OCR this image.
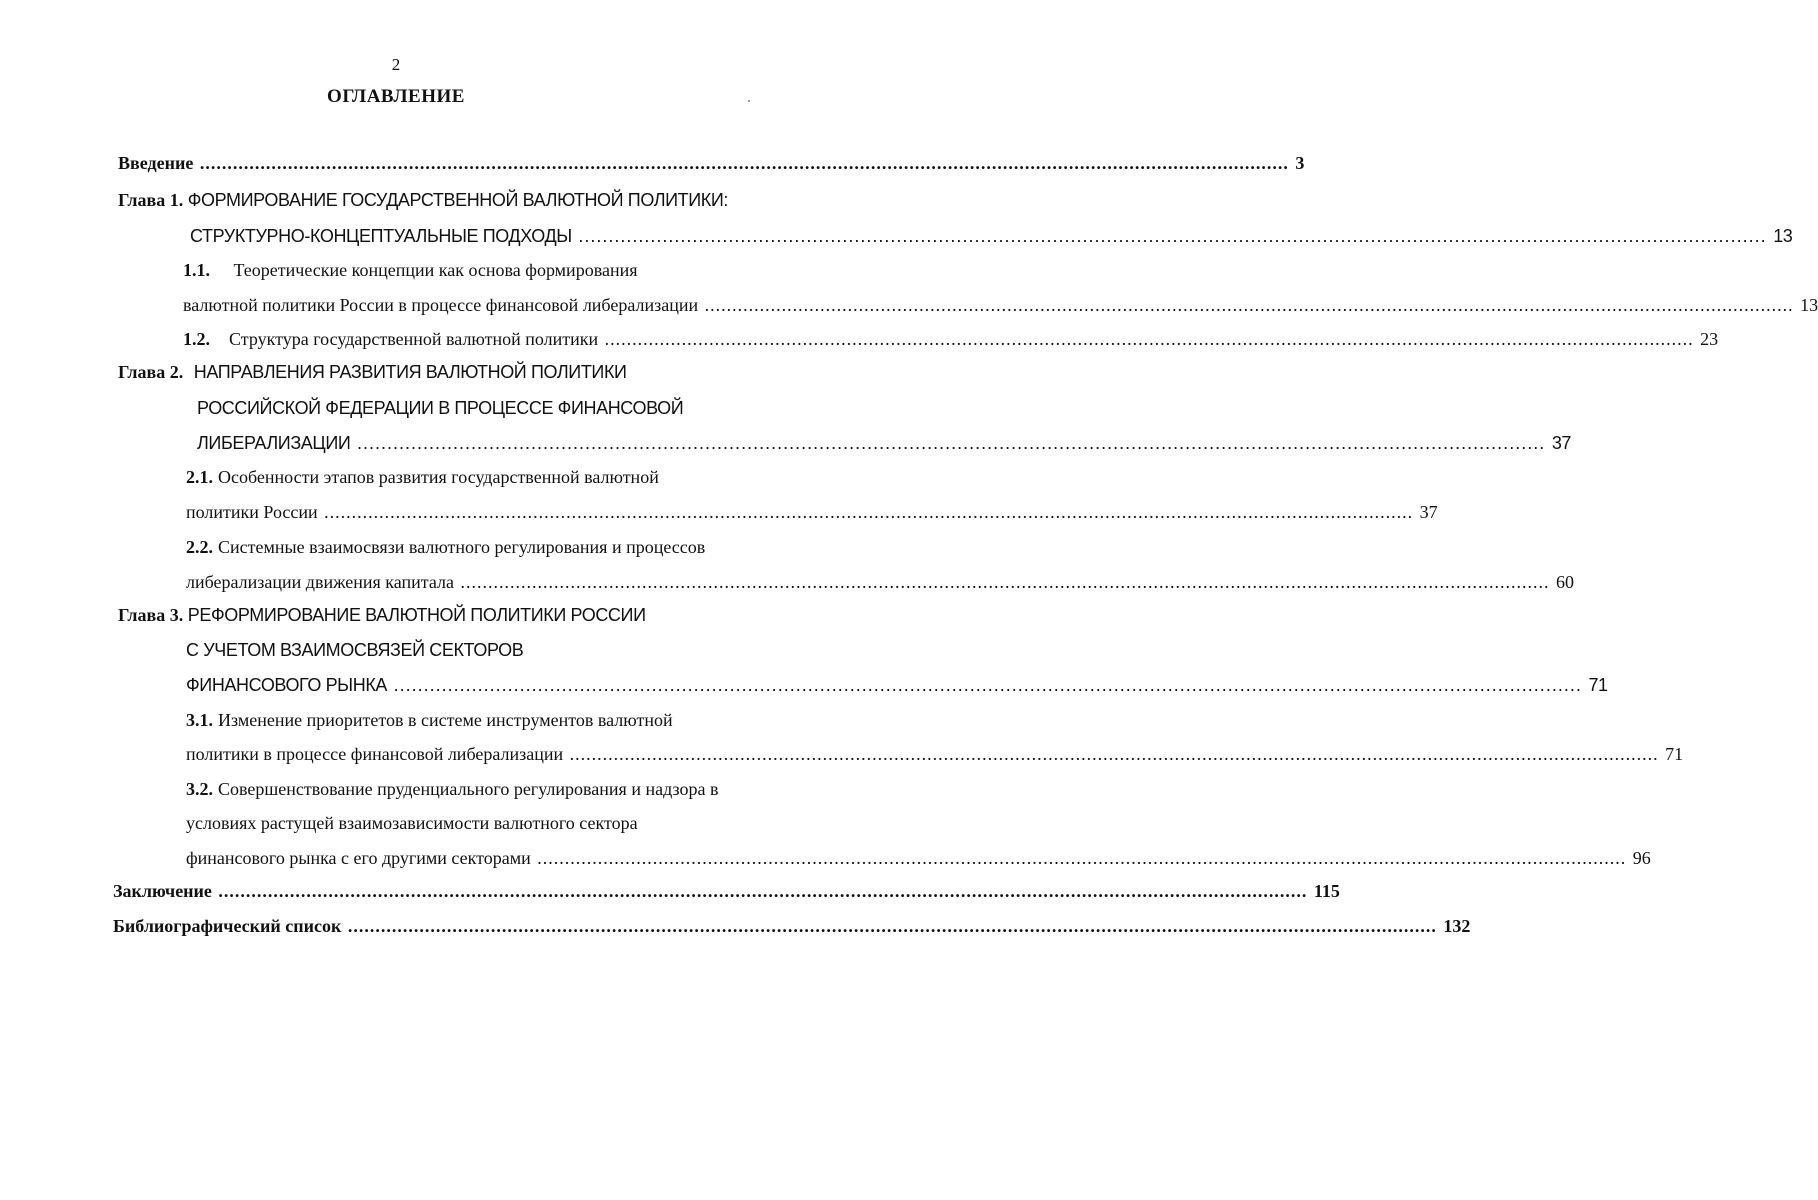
2
ОГЛАВЛЕНИЕ
Введение .....	3
Глава 1. ФОРМИРОВАНИЕ ГОСУДАРСТВЕННОЙ ВАЛЮТНОЙ ПОЛИТИКИ:
СТРУКТУРНО-КОНЦЕПТУАЛЬНЫЕ ПОДХОДЫ .....	13
1.1. Теоретические концепции как основа формирования
валютной политики России в процессе финансовой либерализации .....	13
1.2. Структура государственной валютной политики .....	23
Глава 2. НАПРАВЛЕНИЯ РАЗВИТИЯ ВАЛЮТНОЙ ПОЛИТИКИ
РОССИЙСКОЙ ФЕДЕРАЦИИ В ПРОЦЕССЕ ФИНАНСОВОЙ
ЛИБЕРАЛИЗАЦИИ .....	37
2.1. Особенности этапов развития государственной валютной
политики России .....	37
2.2. Системные взаимосвязи валютного регулирования и процессов
либерализации движения капитала .....	60
Глава 3. РЕФОРМИРОВАНИЕ ВАЛЮТНОЙ ПОЛИТИКИ РОССИИ
С УЧЕТОМ ВЗАИМОСВЯЗЕЙ СЕКТОРОВ
ФИНАНСОВОГО РЫНКА .....	71
3.1. Изменение приоритетов в системе инструментов валютной
политики в процессе финансовой либерализации .....	71
3.2. Совершенствование пруденциального регулирования и надзора в
условиях растущей взаимозависимости валютного сектора
финансового рынка с его другими секторами .....	96
Заключение .....	115
Библиографический список .....	132
